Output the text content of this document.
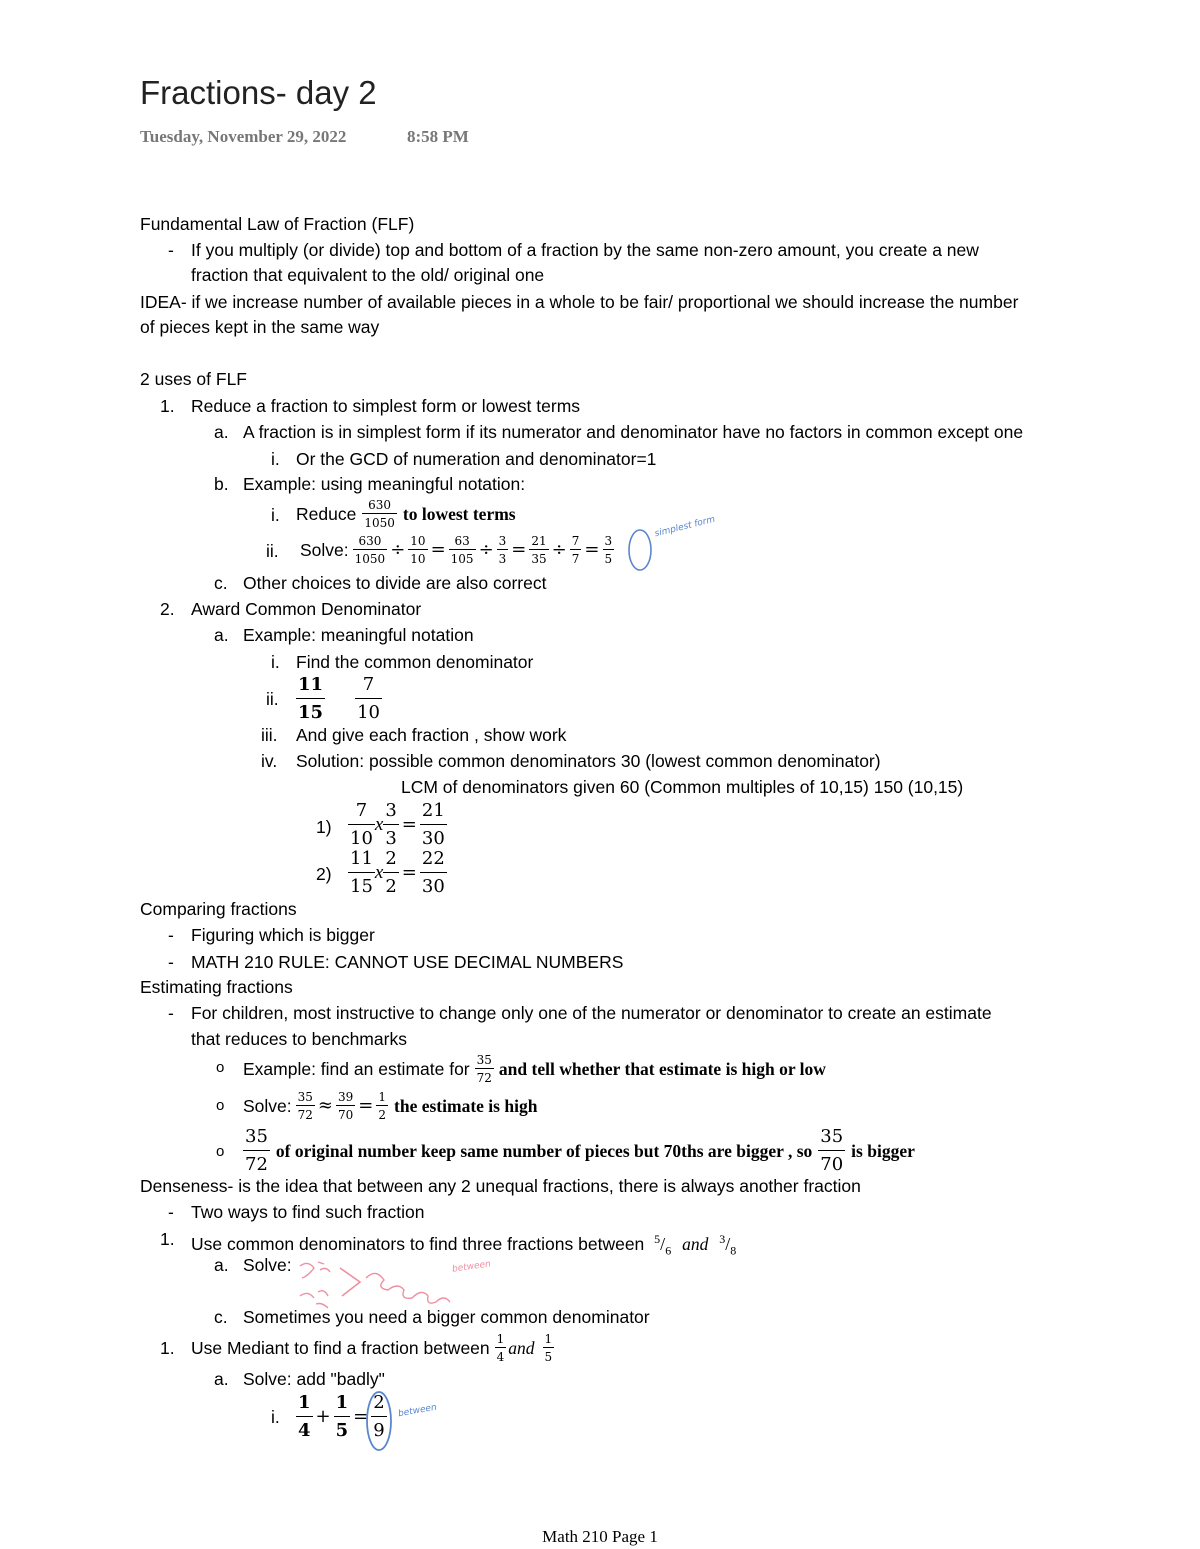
Fractions- day 2
Tuesday, November 29, 2022	8:58 PM
Fundamental Law of Fraction (FLF)
- If you multiply (or divide) top and bottom of a fraction by the same non-zero amount, you create a new
fraction that equivalent to the old/ original one
IDEA- if we increase number of available pieces in a whole to be fair/ proportional we should increase the number
of pieces kept in the same way
2 uses of FLF
1. Reduce a fraction to simplest form or lowest terms
a. A fraction is in simplest form if its numerator and denominator have no factors in common except one
i. Or the GCD of numeration and denominator=1
b. Example: using meaningful notation:
i. Reduce $\frac{630}{1050}$ to lowest terms
ii. Solve: $\frac{630}{1050} \div \frac{10}{10} = \frac{63}{105} \div \frac{3}{3} = \frac{21}{35} \div \frac{7}{7} = \frac{3}{5}$
simplest form
c. Other choices to divide are also correct
2. Award Common Denominator
a. Example: meaningful notation
i. Find the common denominator
ii. $\frac{11}{15} \frac{7}{10}$
iii. And give each fraction , show work
iv. Solution: possible common denominators 30 (lowest common denominator)
LCM of denominators given 60 (Common multiples of 10,15) 150 (10,15)
$1) \frac{7}{10}$ x $\frac{3}{3} = \frac{21}{30}$
$2) \frac{11}{15}$ x $\frac{2}{2} = \frac{22}{30}$
Comparing fractions
- Figuring which is bigger
- MATH 210 RULE: CANNOT USE DECIMAL NUMBERS
Estimating fractions
- For children, most instructive to change only one of the numerator or denominator to create an estimate
that reduces to benchmarks
o Example: find an estimate for $\frac{35}{72}$ and tell whether that estimate is high or low
o Solve: $\frac{35}{72} \approx \frac{39}{70} = \frac{1}{2}$ the estimate is high
o $\frac{35}{72}$ of original number keep same number of pieces but 70ths are bigger , so $\frac{35}{70}$ is bigger
Denseness- is the idea that between any 2 unequal fractions, there is always another fraction
- Two ways to find such fraction
1. Use common denominators to find three fractions between $^5/_6$ and $^3/_8$
a. Solve:	between
c. Sometimes you need a bigger common denominator
1. Use Mediant to find a fraction between $\frac{1}{4}$ and $\frac{1}{5}$
a. Solve: add "badly"
i. $\frac{1}{4} + \frac{1}{5} = \frac{2}{9}$ between
Math 210 Page 1
